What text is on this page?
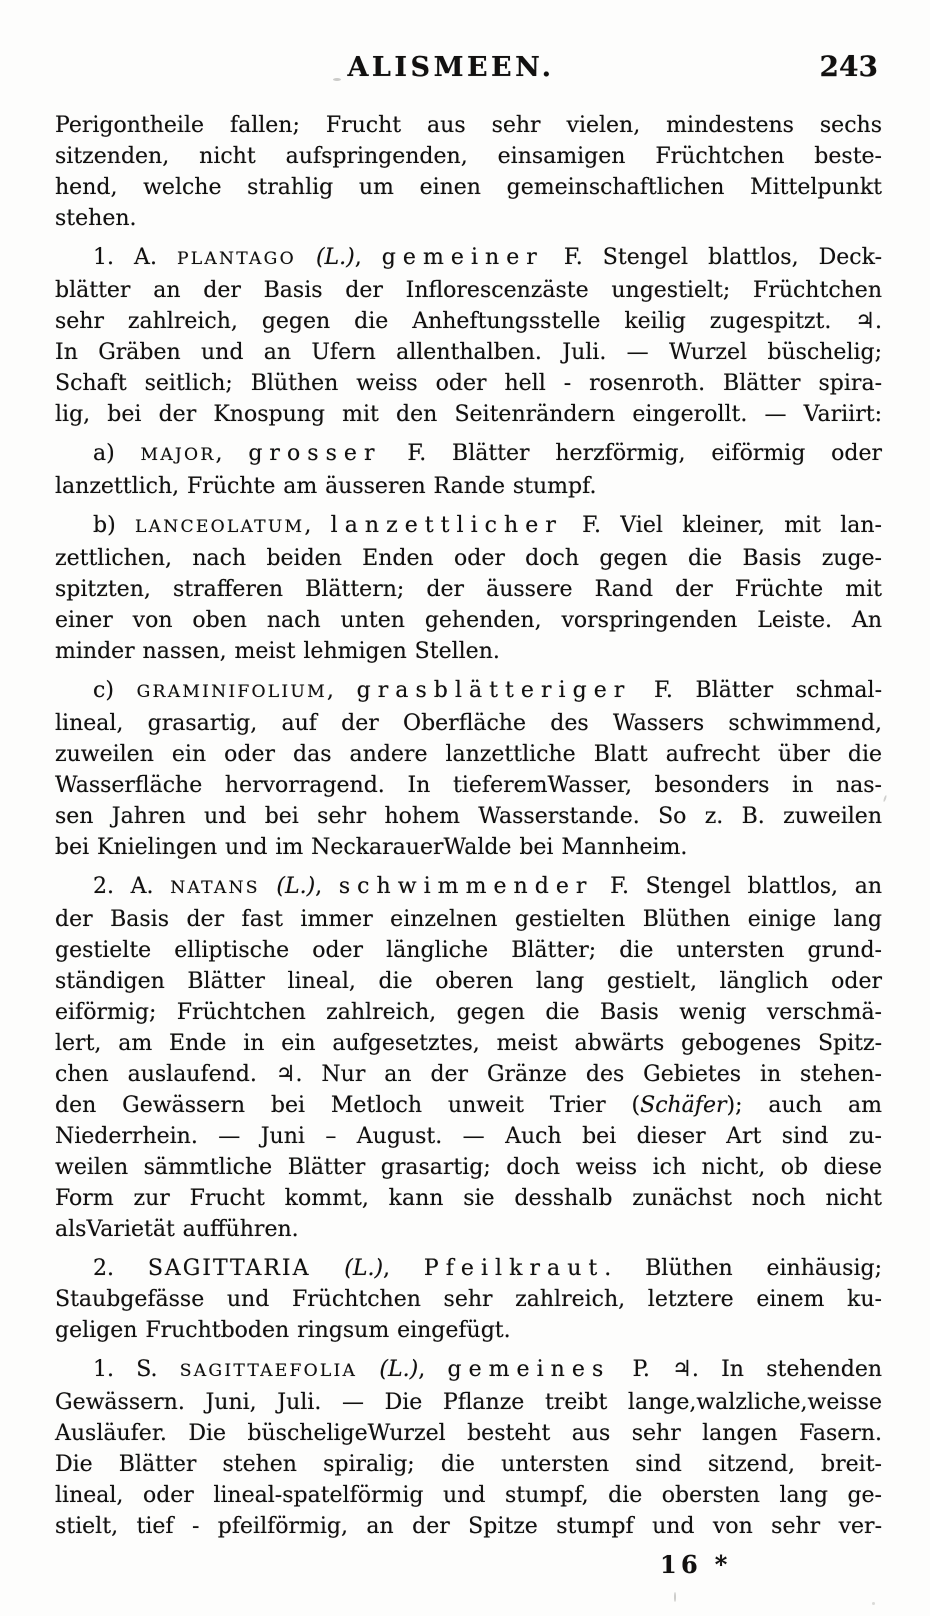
ALISMEEN.	243

Perigontheile fallen; Frucht aus sehr vielen, mindestens sechs
sitzenden, nicht aufspringenden, einsamigen Früchtchen beste-
hend, welche strahlig um einen gemeinschaftlichen Mittelpunkt
stehen.

1. A. PLANTAGO (L.), gemeiner F. Stengel blattlos, Deck-
blätter an der Basis der Inflorescenzäste ungestielt; Früchtchen
sehr zahlreich, gegen die Anheftungsstelle keilig zugespitzt. ♃.
In Gräben und an Ufern allenthalben. Juli. — Wurzel büschelig;
Schaft seitlich; Blüthen weiss oder hell - rosenroth. Blätter spira-
lig, bei der Knospung mit den Seitenrändern eingerollt. — Variirt:

a) MAJOR, grosser F. Blätter herzförmig, eiförmig oder
lanzettlich, Früchte am äusseren Rande stumpf.

b) LANCEOLATUM, lanzettlicher F. Viel kleiner, mit lan-
zettlichen, nach beiden Enden oder doch gegen die Basis zuge-
spitzten, strafferen Blättern; der äussere Rand der Früchte mit
einer von oben nach unten gehenden, vorspringenden Leiste. An
minder nassen, meist lehmigen Stellen.

c) GRAMINIFOLIUM, grasblätteriger F. Blätter schmal-
lineal, grasartig, auf der Oberfläche des Wassers schwimmend,
zuweilen ein oder das andere lanzettliche Blatt aufrecht über die
Wasserfläche hervorragend. In tieferemWasser, besonders in nas-
sen Jahren und bei sehr hohem Wasserstande. So z. B. zuweilen
bei Knielingen und im NeckarauerWalde bei Mannheim.

2. A. NATANS (L.), schwimmender F. Stengel blattlos, an
der Basis der fast immer einzelnen gestielten Blüthen einige lang
gestielte elliptische oder längliche Blätter; die untersten grund-
ständigen Blätter lineal, die oberen lang gestielt, länglich oder
eiförmig; Früchtchen zahlreich, gegen die Basis wenig verschmä-
lert, am Ende in ein aufgesetztes, meist abwärts gebogenes Spitz-
chen auslaufend. ♃. Nur an der Gränze des Gebietes in stehen-
den Gewässern bei Metloch unweit Trier (Schäfer); auch am
Niederrhein. — Juni – August. — Auch bei dieser Art sind zu-
weilen sämmtliche Blätter grasartig; doch weiss ich nicht, ob diese
Form zur Frucht kommt, kann sie desshalb zunächst noch nicht
alsVarietät aufführen.

2. SAGITTARIA (L.), Pfeilkraut. Blüthen einhäusig;
Staubgefässe und Früchtchen sehr zahlreich, letztere einem ku-
geligen Fruchtboden ringsum eingefügt.

1. S. SAGITTAEFOLIA (L.), gemeines P. ♃. In stehenden
Gewässern. Juni, Juli. — Die Pflanze treibt lange,walzliche,weisse
Ausläufer. Die büscheligeWurzel besteht aus sehr langen Fasern.
Die Blätter stehen spiralig; die untersten sind sitzend, breit-
lineal, oder lineal-spatelförmig und stumpf, die obersten lang ge-
stielt, tief - pfeilförmig, an der Spitze stumpf und von sehr ver-

16 *
